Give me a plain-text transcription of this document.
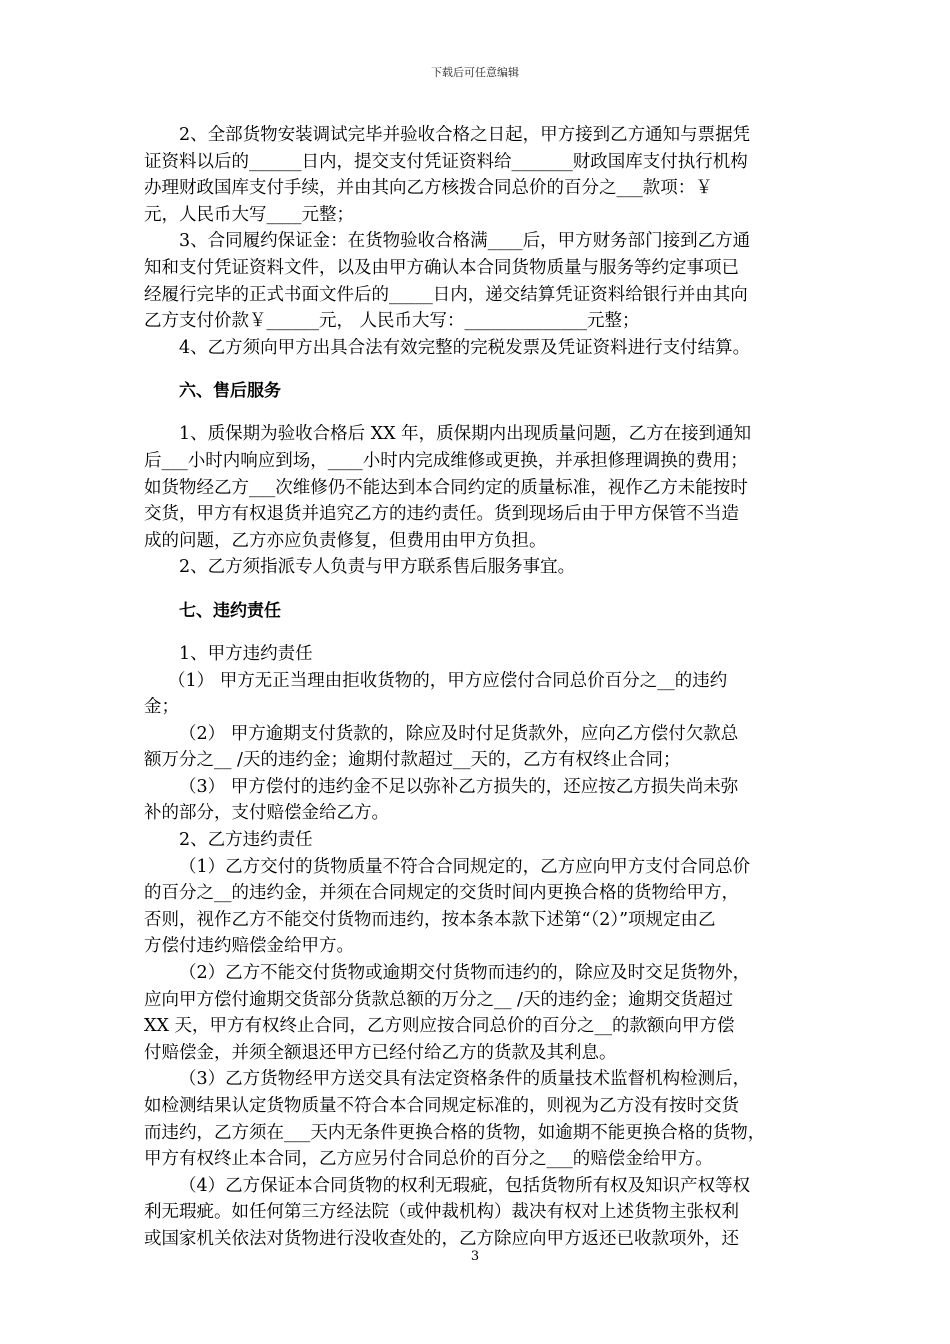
下载后可任意编辑
2、全部货物安装调试完毕并验收合格之日起，甲方接到乙方通知与票据凭
证资料以后的______日内，提交支付凭证资料给_______财政国库支付执行机构
办理财政国库支付手续，并由其向乙方核拨合同总价的百分之___款项：￥
元，人民币大写____元整；
3、合同履约保证金：在货物验收合格满____后，甲方财务部门接到乙方通
知和支付凭证资料文件，以及由甲方确认本合同货物质量与服务等约定事项已
经履行完毕的正式书面文件后的_____日内，递交结算凭证资料给银行并由其向
乙方支付价款￥______元， 人民币大写：______________元整；
4、乙方须向甲方出具合法有效完整的完税发票及凭证资料进行支付结算。
六、售后服务
1、质保期为验收合格后 XX 年，质保期内出现质量问题，乙方在接到通知
后___小时内响应到场，____小时内完成维修或更换，并承担修理调换的费用；
如货物经乙方___次维修仍不能达到本合同约定的质量标准，视作乙方未能按时
交货，甲方有权退货并追究乙方的违约责任。货到现场后由于甲方保管不当造
成的问题，乙方亦应负责修复，但费用由甲方负担。
2、乙方须指派专人负责与甲方联系售后服务事宜。
七、违约责任
1、甲方违约责任
（1） 甲方无正当理由拒收货物的，甲方应偿付合同总价百分之__的违约
金；
（2） 甲方逾期支付货款的，除应及时付足货款外，应向乙方偿付欠款总
额万分之__ /天的违约金；逾期付款超过__天的，乙方有权终止合同；
（3） 甲方偿付的违约金不足以弥补乙方损失的，还应按乙方损失尚未弥
补的部分，支付赔偿金给乙方。
2、乙方违约责任
（1）乙方交付的货物质量不符合合同规定的，乙方应向甲方支付合同总价
的百分之__的违约金，并须在合同规定的交货时间内更换合格的货物给甲方，
否则，视作乙方不能交付货物而违约，按本条本款下述第“（2）”项规定由乙
方偿付违约赔偿金给甲方。
（2）乙方不能交付货物或逾期交付货物而违约的，除应及时交足货物外，
应向甲方偿付逾期交货部分货款总额的万分之__ /天的违约金；逾期交货超过
XX 天，甲方有权终止合同，乙方则应按合同总价的百分之__的款额向甲方偿
付赔偿金，并须全额退还甲方已经付给乙方的货款及其利息。
（3）乙方货物经甲方送交具有法定资格条件的质量技术监督机构检测后，
如检测结果认定货物质量不符合本合同规定标准的，则视为乙方没有按时交货
而违约，乙方须在___天内无条件更换合格的货物，如逾期不能更换合格的货物，
甲方有权终止本合同，乙方应另付合同总价的百分之___的赔偿金给甲方。
（4）乙方保证本合同货物的权利无瑕疵，包括货物所有权及知识产权等权
利无瑕疵。如任何第三方经法院（或仲裁机构）裁决有权对上述货物主张权利
或国家机关依法对货物进行没收查处的，乙方除应向甲方返还已收款项外，还
3
